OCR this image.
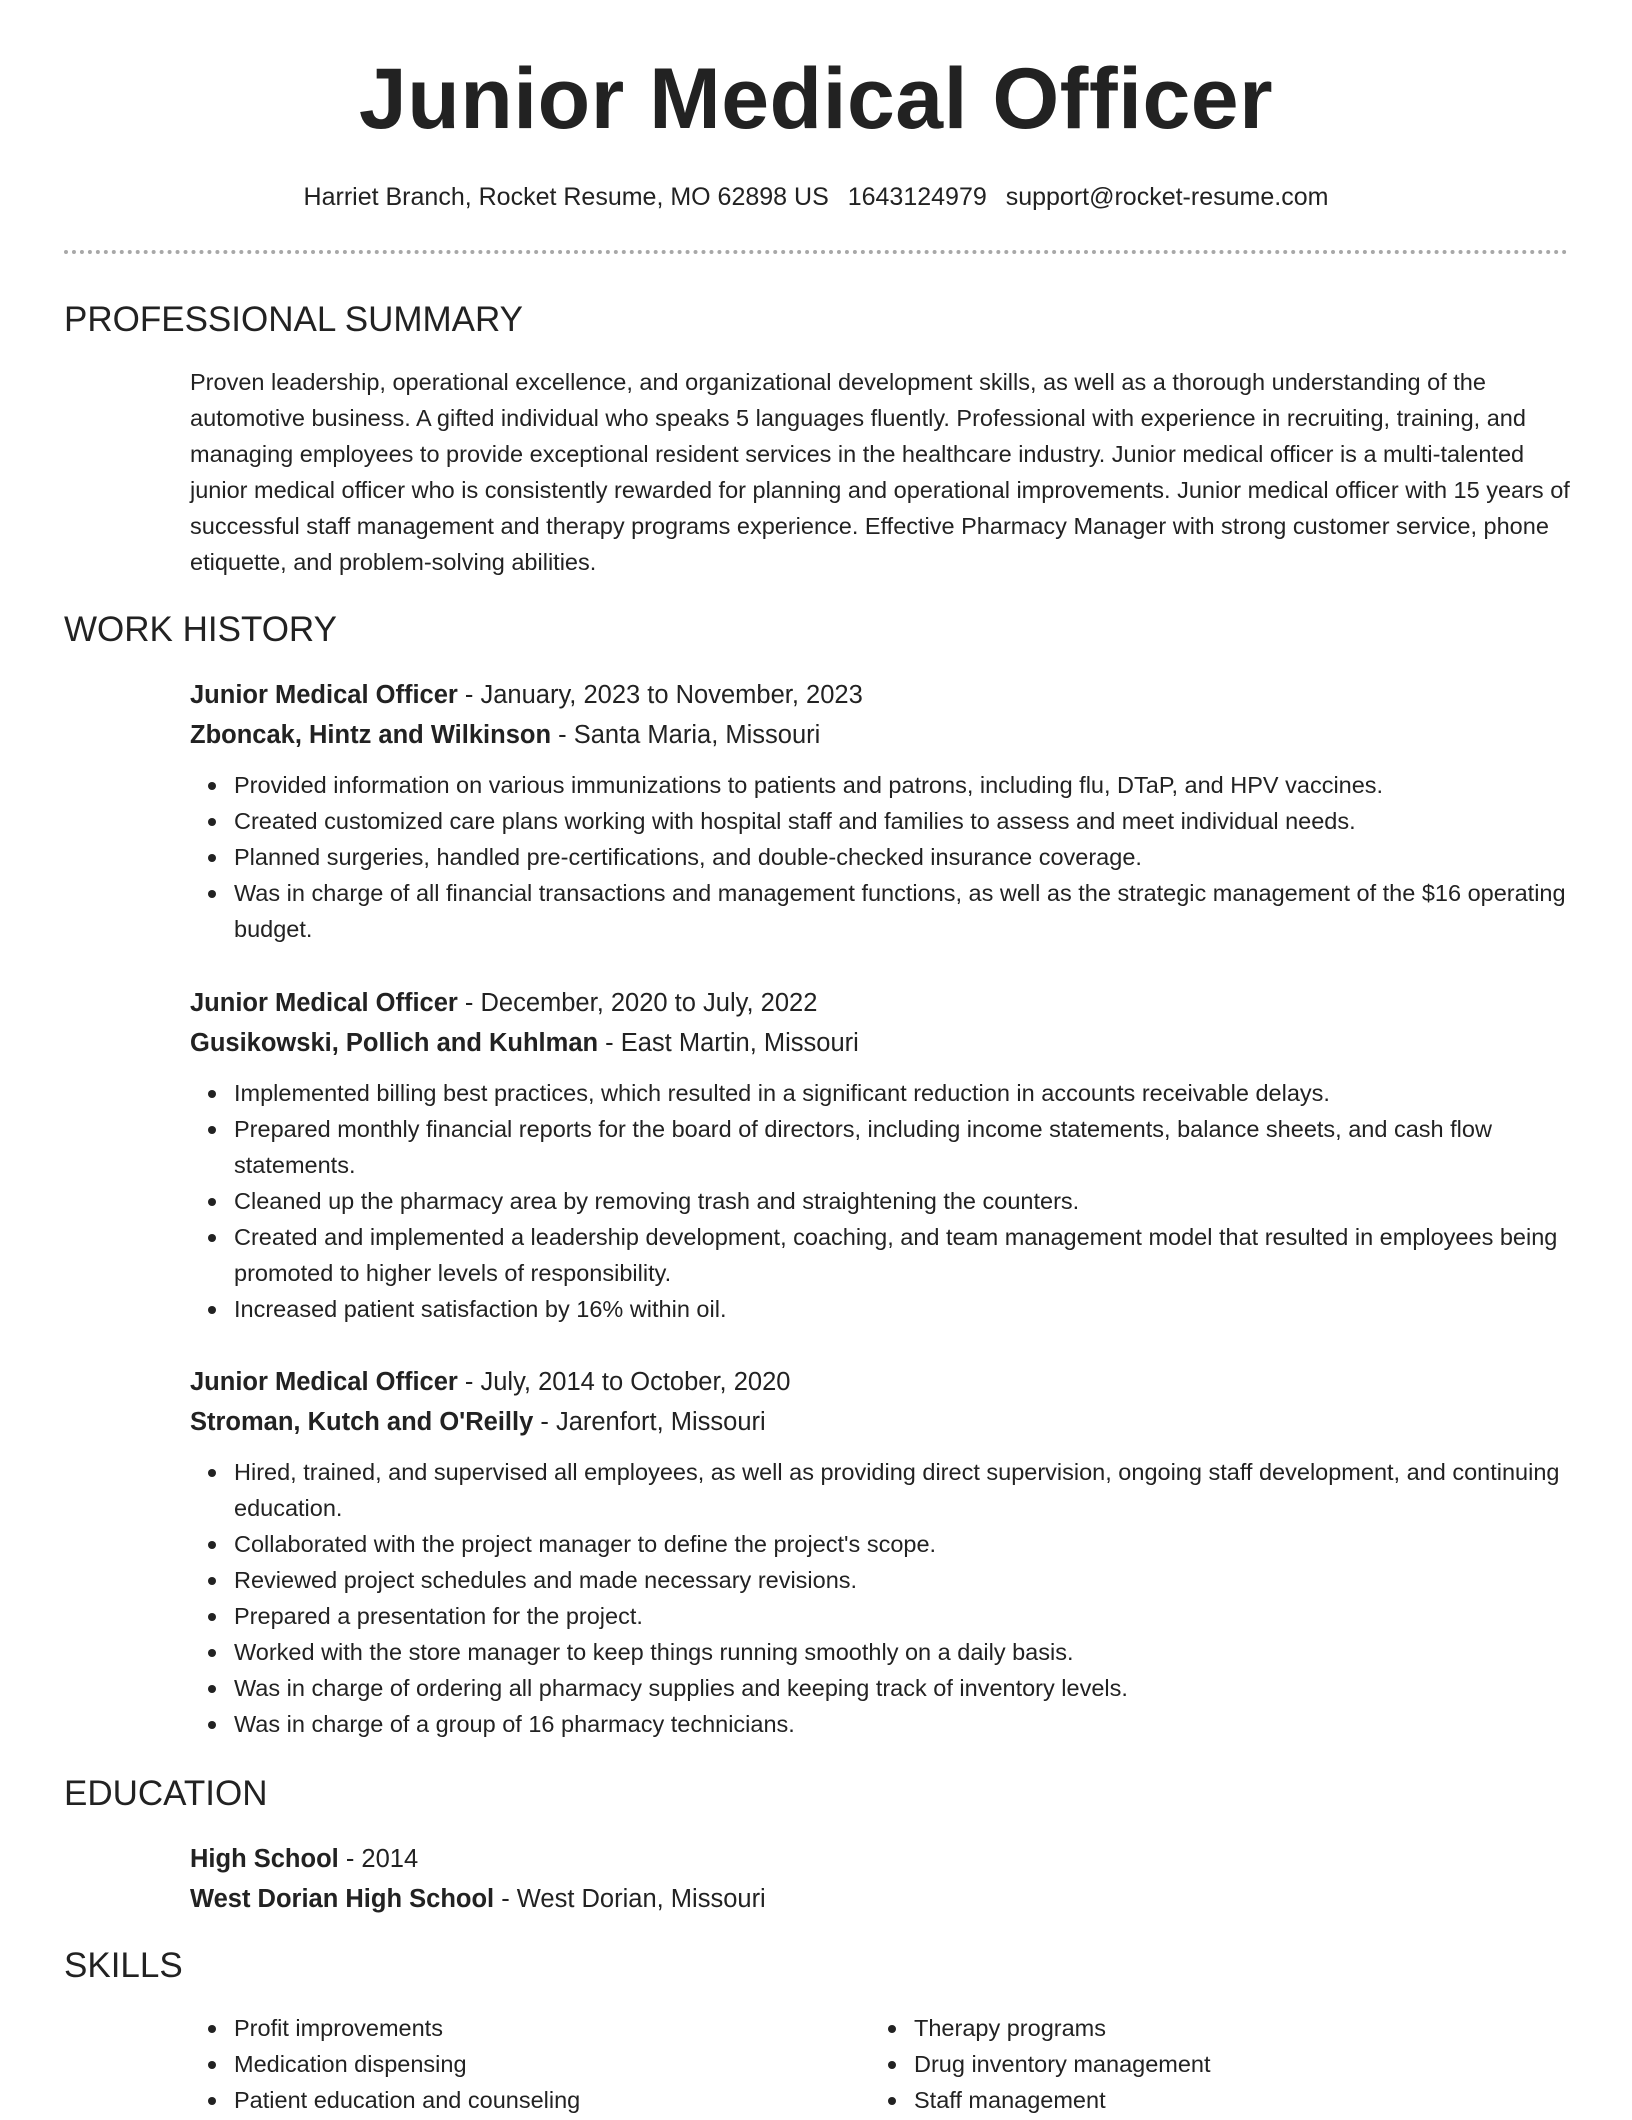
Junior Medical Officer
Harriet Branch, Rocket Resume, MO 62898 US 1643124979 support@rocket-resume.com
PROFESSIONAL SUMMARY

Proven leadership, operational excellence, and organizational development skills, as well as a thorough understanding of the automotive business. A gifted individual who speaks 5 languages fluently. Professional with experience in recruiting, training, and managing employees to provide exceptional resident services in the healthcare industry. Junior medical officer is a multi-talented junior medical officer who is consistently rewarded for planning and operational improvements. Junior medical officer with 15 years of successful staff management and therapy programs experience. Effective Pharmacy Manager with strong customer service, phone etiquette, and problem-solving abilities.

WORK HISTORY
Junior Medical Officer - January, 2023 to November, 2023
Zboncak, Hintz and Wilkinson - Santa Maria, Missouri
Provided information on various immunizations to patients and patrons, including flu, DTaP, and HPV vaccines.
Created customized care plans working with hospital staff and families to assess and meet individual needs.
Planned surgeries, handled pre-certifications, and double-checked insurance coverage.
Was in charge of all financial transactions and management functions, as well as the strategic management of the $16 operating budget.
Junior Medical Officer - December, 2020 to July, 2022
Gusikowski, Pollich and Kuhlman - East Martin, Missouri
Implemented billing best practices, which resulted in a significant reduction in accounts receivable delays.
Prepared monthly financial reports for the board of directors, including income statements, balance sheets, and cash flow statements.
Cleaned up the pharmacy area by removing trash and straightening the counters.
Created and implemented a leadership development, coaching, and team management model that resulted in employees being promoted to higher levels of responsibility.
Increased patient satisfaction by 16% within oil.
Junior Medical Officer - July, 2014 to October, 2020
Stroman, Kutch and O'Reilly - Jarenfort, Missouri
Hired, trained, and supervised all employees, as well as providing direct supervision, ongoing staff development, and continuing education.
Collaborated with the project manager to define the project's scope.
Reviewed project schedules and made necessary revisions.
Prepared a presentation for the project.
Worked with the store manager to keep things running smoothly on a daily basis.
Was in charge of ordering all pharmacy supplies and keeping track of inventory levels.
Was in charge of a group of 16 pharmacy technicians.
EDUCATION
High School - 2014
West Dorian High School - West Dorian, Missouri
SKILLS
Profit improvements
Medication dispensing
Patient education and counseling
Therapy programs
Drug inventory management
Staff management
